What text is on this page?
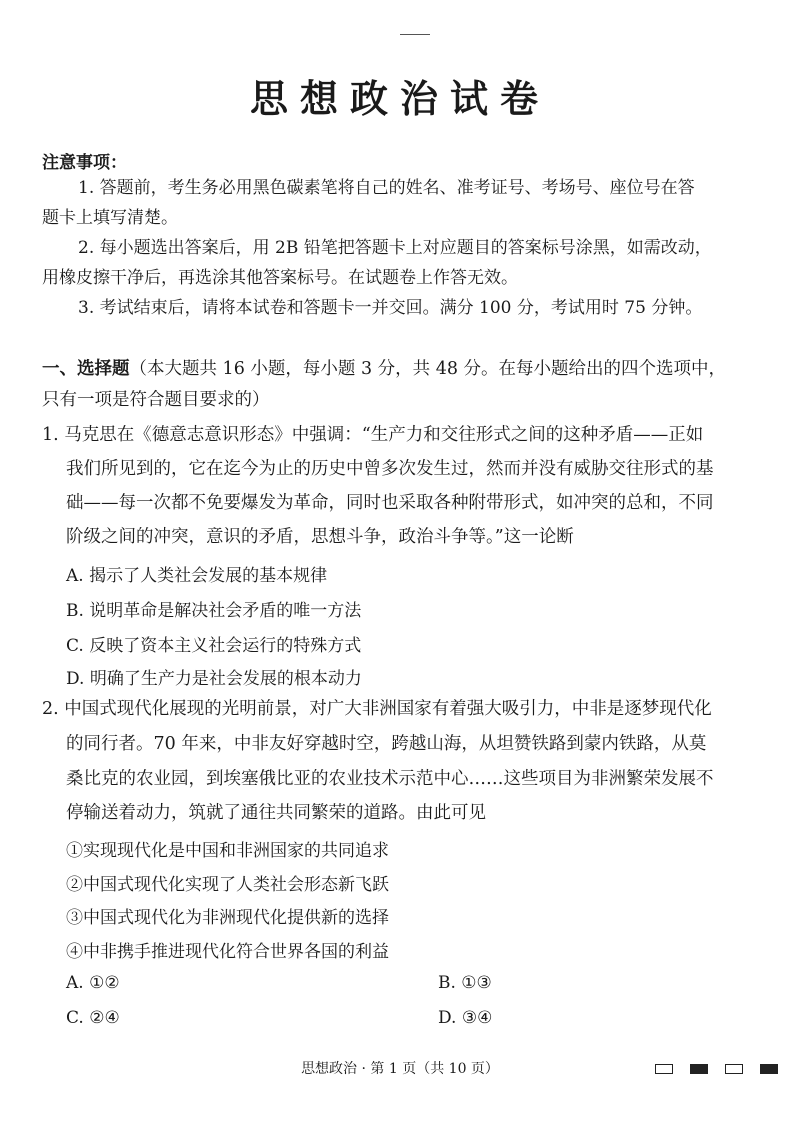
思想政治试卷
注意事项：
1. 答题前，考生务必用黑色碳素笔将自己的姓名、准考证号、考场号、座位号在答
题卡上填写清楚。
2. 每小题选出答案后，用 2B 铅笔把答题卡上对应题目的答案标号涂黑，如需改动，
用橡皮擦干净后，再选涂其他答案标号。在试题卷上作答无效。
3. 考试结束后，请将本试卷和答题卡一并交回。满分 100 分，考试用时 75 分钟。
一、选择题（本大题共 16 小题，每小题 3 分，共 48 分。在每小题给出的四个选项中，
只有一项是符合题目要求的）
1. 马克思在《德意志意识形态》中强调：“生产力和交往形式之间的这种矛盾——正如
我们所见到的，它在迄今为止的历史中曾多次发生过，然而并没有威胁交往形式的基
础——每一次都不免要爆发为革命，同时也采取各种附带形式，如冲突的总和，不同
阶级之间的冲突，意识的矛盾，思想斗争，政治斗争等。”这一论断
A. 揭示了人类社会发展的基本规律
B. 说明革命是解决社会矛盾的唯一方法
C. 反映了资本主义社会运行的特殊方式
D. 明确了生产力是社会发展的根本动力
2. 中国式现代化展现的光明前景，对广大非洲国家有着强大吸引力，中非是逐梦现代化
的同行者。70 年来，中非友好穿越时空，跨越山海，从坦赞铁路到蒙内铁路，从莫
桑比克的农业园，到埃塞俄比亚的农业技术示范中心……这些项目为非洲繁荣发展不
停输送着动力，筑就了通往共同繁荣的道路。由此可见
①实现现代化是中国和非洲国家的共同追求
②中国式现代化实现了人类社会形态新飞跃
③中国式现代化为非洲现代化提供新的选择
④中非携手推进现代化符合世界各国的利益
A. ①②	B. ①③
C. ②④	D. ③④
思想政治 · 第 1 页（共 10 页）
